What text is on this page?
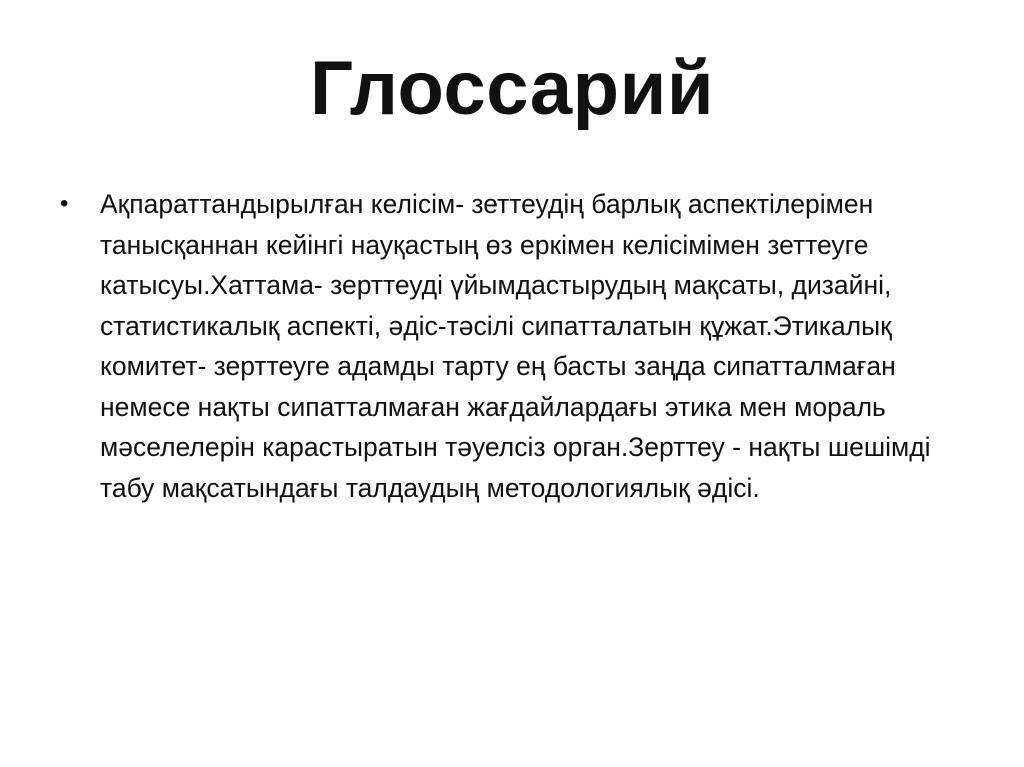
Глоссарий
• Ақпараттандырылған келісім- зеттеудің барлық аспектілерімен танысқаннан кейінгі науқастың өз еркімен келісімімен зеттеуге катысуы.Хаттама- зерттеуді үйымдастырудың мақсаты, дизайні, статистикалық аспекті, әдіс-тәсілі сипатталатын құжат.Этикалық комитет- зерттеуге адамды тарту ең басты заңда сипатталмаған немесе нақты сипатталмаған жағдайлардағы этика мен мораль мәселелерін карастыратын тәуелсіз орган.Зерттеу - нақты шешімді табу мақсатындағы талдаудың методологиялық әдісі.
